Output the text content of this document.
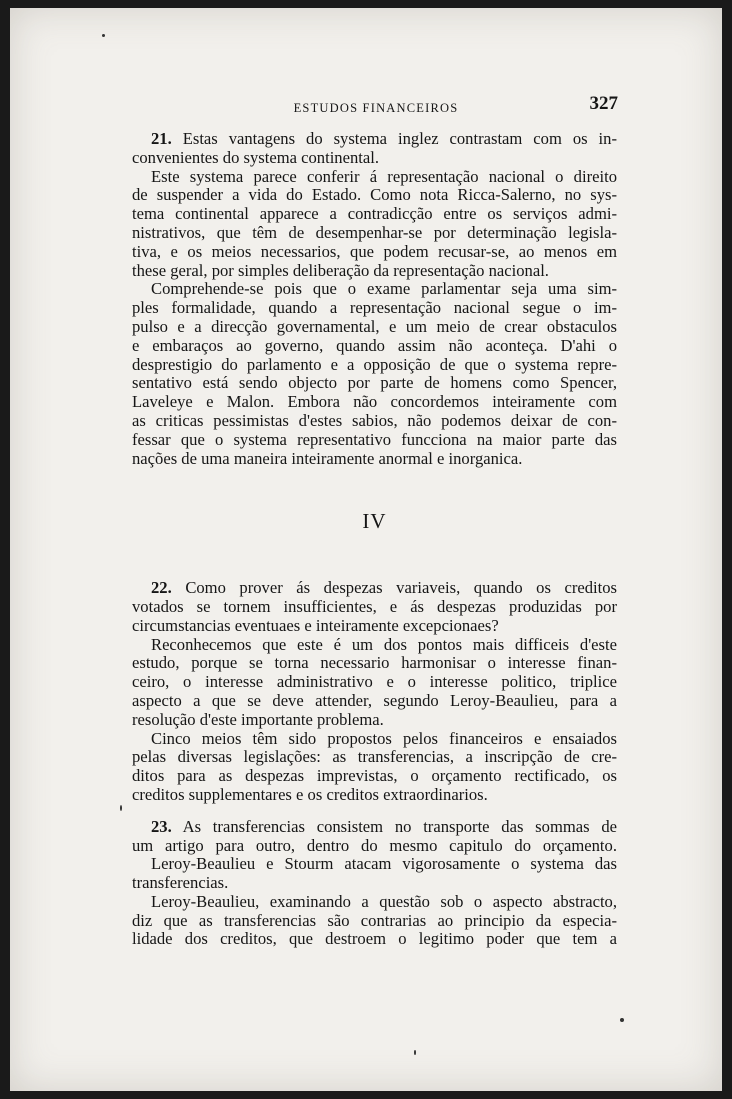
ESTUDOS FINANCEIROS	327
21. Estas vantagens do systema inglez contrastam com os in-
convenientes do systema continental.
Este systema parece conferir á representação nacional o direito
de suspender a vida do Estado. Como nota Ricca-Salerno, no sys-
tema continental apparece a contradicção entre os serviços admi-
nistrativos, que têm de desempenhar-se por determinação legisla-
tiva, e os meios necessarios, que podem recusar-se, ao menos em
these geral, por simples deliberação da representação nacional.
Comprehende-se pois que o exame parlamentar seja uma sim-
ples formalidade, quando a representação nacional segue o im-
pulso e a direcção governamental, e um meio de crear obstaculos
e embaraços ao governo, quando assim não aconteça. D'ahi o
desprestigio do parlamento e a opposição de que o systema repre-
sentativo está sendo objecto por parte de homens como Spencer,
Laveleye e Malon. Embora não concordemos inteiramente com
as criticas pessimistas d'estes sabios, não podemos deixar de con-
fessar que o systema representativo funcciona na maior parte das
nações de uma maneira inteiramente anormal e inorganica.
IV
22. Como prover ás despezas variaveis, quando os creditos
votados se tornem insufficientes, e ás despezas produzidas por
circumstancias eventuaes e inteiramente excepcionaes?
Reconhecemos que este é um dos pontos mais difficeis d'este
estudo, porque se torna necessario harmonisar o interesse finan-
ceiro, o interesse administrativo e o interesse politico, triplice
aspecto a que se deve attender, segundo Leroy-Beaulieu, para a
resolução d'este importante problema.
Cinco meios têm sido propostos pelos financeiros e ensaiados
pelas diversas legislações: as transferencias, a inscripção de cre-
ditos para as despezas imprevistas, o orçamento rectificado, os
creditos supplementares e os creditos extraordinarios.
23. As transferencias consistem no transporte das sommas de
um artigo para outro, dentro do mesmo capitulo do orçamento.
Leroy-Beaulieu e Stourm atacam vigorosamente o systema das
transferencias.
Leroy-Beaulieu, examinando a questão sob o aspecto abstracto,
diz que as transferencias são contrarias ao principio da especia-
lidade dos creditos, que destroem o legitimo poder que tem a
